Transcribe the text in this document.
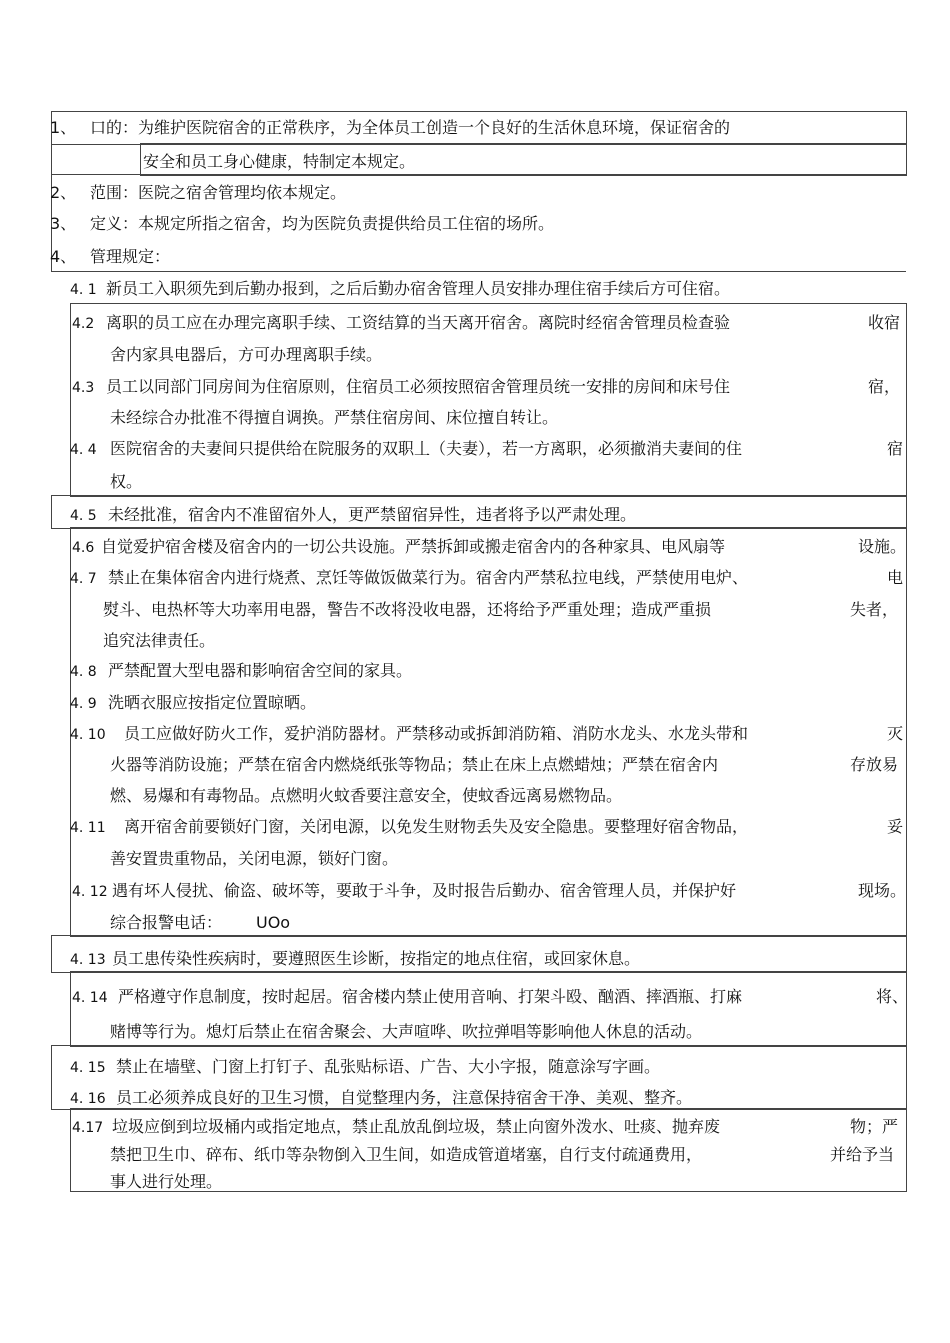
1、 口的：为维护医院宿舍的正常秩序，为全体员工创造一个良好的生活休息环境，保证宿舍的
安全和员工身心健康，特制定本规定。
2、 范围：医院之宿舍管理均依本规定。
3、 定义：本规定所指之宿舍，均为医院负责提供给员工住宿的场所。
4、 管理规定：
4. 1 新员工入职须先到后勤办报到，之后后勤办宿舍管理人员安排办理住宿手续后方可住宿。
4.2 离职的员工应在办理完离职手续、工资结算的当天离开宿舍。离院时经宿舍管理员检查验	收宿
舍内家具电器后，方可办理离职手续。
4.3 员工以同部门同房间为住宿原则，住宿员工必须按照宿舍管理员统一安排的房间和床号住	宿，
未经综合办批准不得擅自调换。严禁住宿房间、床位擅自转让。
4. 4 医院宿舍的夫妻间只提供给在院服务的双职丄（夫妻），若一方离职，必须撤消夫妻间的住	宿
权。
4. 5 未经批准，宿舍内不准留宿外人，更严禁留宿异性，违者将予以严肃处理。
4.6 自觉爱护宿舍楼及宿舍内的一切公共设施。严禁拆卸或搬走宿舍内的各种家具、电风扇等	设施。
4. 7 禁止在集体宿舍内进行烧煮、烹饪等做饭做菜行为。宿舍内严禁私拉电线，严禁使用电炉、	电
熨斗、电热杯等大功率用电器，警告不改将没收电器，还将给予严重处理；造成严重损	失者，
追究法律责任。
4. 8 严禁配置大型电器和影响宿舍空间的家具。
4. 9 洗晒衣服应按指定位置晾晒。
4. 10 员工应做好防火工作，爱护消防器材。严禁移动或拆卸消防箱、消防水龙头、水龙头带和	灭
火器等消防设施；严禁在宿舍内燃烧纸张等物品；禁止在床上点燃蜡烛；严禁在宿舍内	存放易
燃、易爆和有毒物品。点燃明火蚊香要注意安全，使蚊香远离易燃物品。
4. 11 离开宿舍前要锁好门窗，关闭电源，以免发生财物丢失及安全隐患。要整理好宿舍物品，	妥
善安置贵重物品，关闭电源，锁好门窗。
4. 12 遇有坏人侵扰、偷盗、破坏等，要敢于斗争，及时报告后勤办、宿舍管理人员，并保护好	现场。
综合报警电话： UOo
4. 13 员工患传染性疾病时，要遵照医生诊断，按指定的地点住宿，或回家休息。
4. 14 严格遵守作息制度，按时起居。宿舍楼内禁止使用音响、打架斗殴、酗酒、摔酒瓶、打麻	将、
赌博等行为。熄灯后禁止在宿舍聚会、大声喧哗、吹拉弹唱等影响他人休息的活动。
4. 15 禁止在墙壁、门窗上打钉子、乱张贴标语、广告、大小字报，随意涂写字画。
4. 16 员工必须养成良好的卫生习惯，自觉整理内务，注意保持宿舍干净、美观、整齐。
4.17 垃圾应倒到垃圾桶内或指定地点，禁止乱放乱倒垃圾，禁止向窗外泼水、吐痰、抛弃废	物；严
禁把卫生巾、碎布、纸巾等杂物倒入卫生间，如造成管道堵塞，自行支付疏通费用，	并给予当
事人进行处理。
